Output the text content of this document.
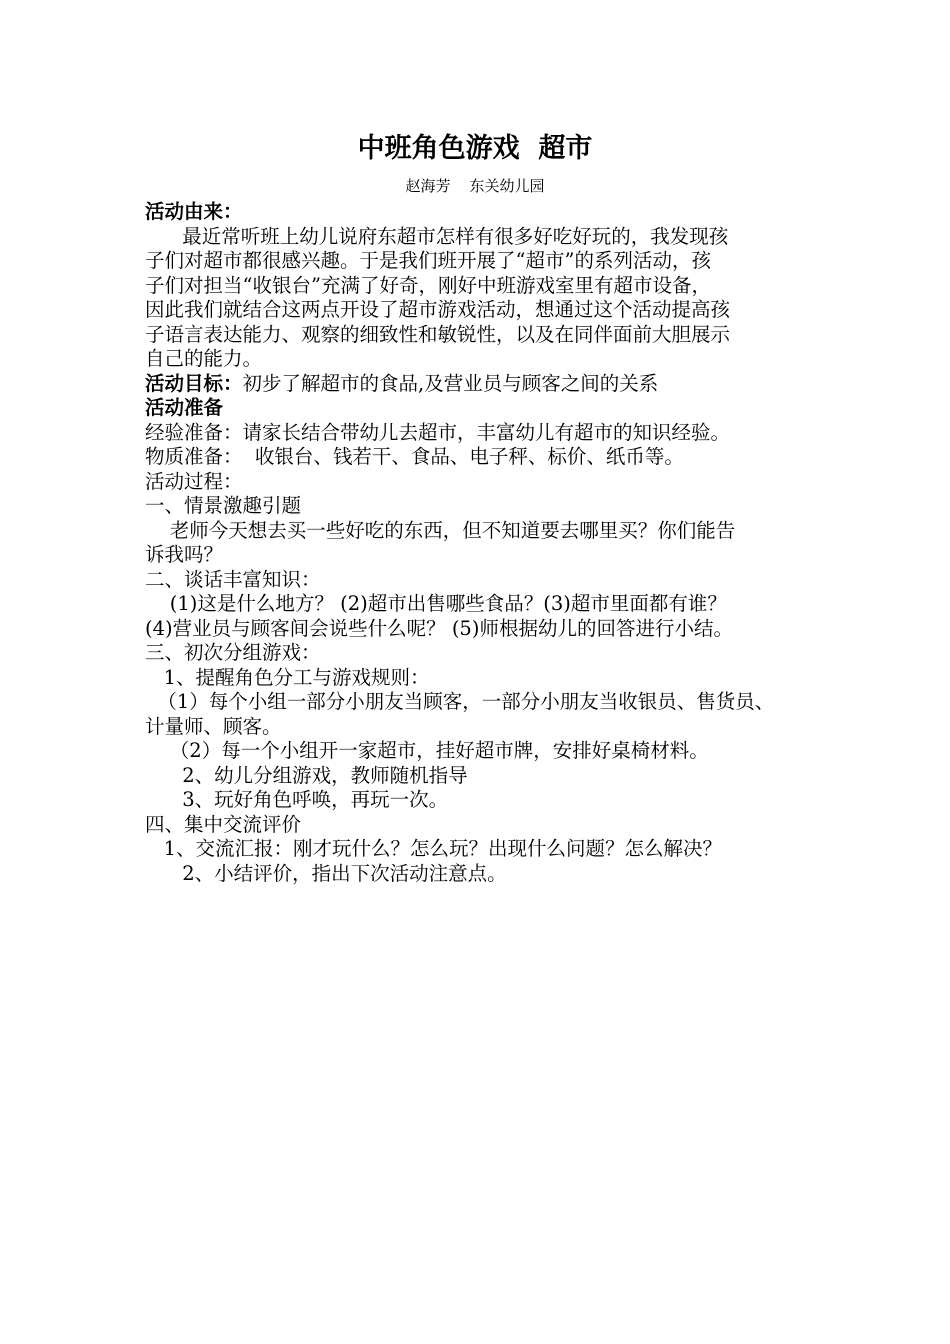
中班角色游戏  超市
赵海芳    东关幼儿园
活动由来：
最近常听班上幼儿说府东超市怎样有很多好吃好玩的，我发现孩
子们对超市都很感兴趣。于是我们班开展了“超市”的系列活动，孩
子们对担当“收银台”充满了好奇，刚好中班游戏室里有超市设备，
因此我们就结合这两点开设了超市游戏活动，想通过这个活动提高孩
子语言表达能力、观察的细致性和敏锐性，以及在同伴面前大胆展示
自己的能力。
活动目标：初步了解超市的食品,及营业员与顾客之间的关系
活动准备
经验准备：请家长结合带幼儿去超市，丰富幼儿有超市的知识经验。
物质准备：  收银台、钱若干、食品、电子秤、标价、纸币等。
活动过程：
一、情景激趣引题
老师今天想去买一些好吃的东西，但不知道要去哪里买？你们能告
诉我吗？
二、谈话丰富知识：
(1)这是什么地方？ (2)超市出售哪些食品？(3)超市里面都有谁？
(4)营业员与顾客间会说些什么呢？ (5)师根据幼儿的回答进行小结。
三、初次分组游戏：
1、提醒角色分工与游戏规则：
（1）每个小组一部分小朋友当顾客，一部分小朋友当收银员、售货员、
计量师、顾客。
（2）每一个小组开一家超市，挂好超市牌，安排好桌椅材料。
2、幼儿分组游戏，教师随机指导
3、玩好角色呼唤，再玩一次。
四、集中交流评价
1、交流汇报：刚才玩什么？怎么玩？出现什么问题？怎么解决？
2、小结评价，指出下次活动注意点。
